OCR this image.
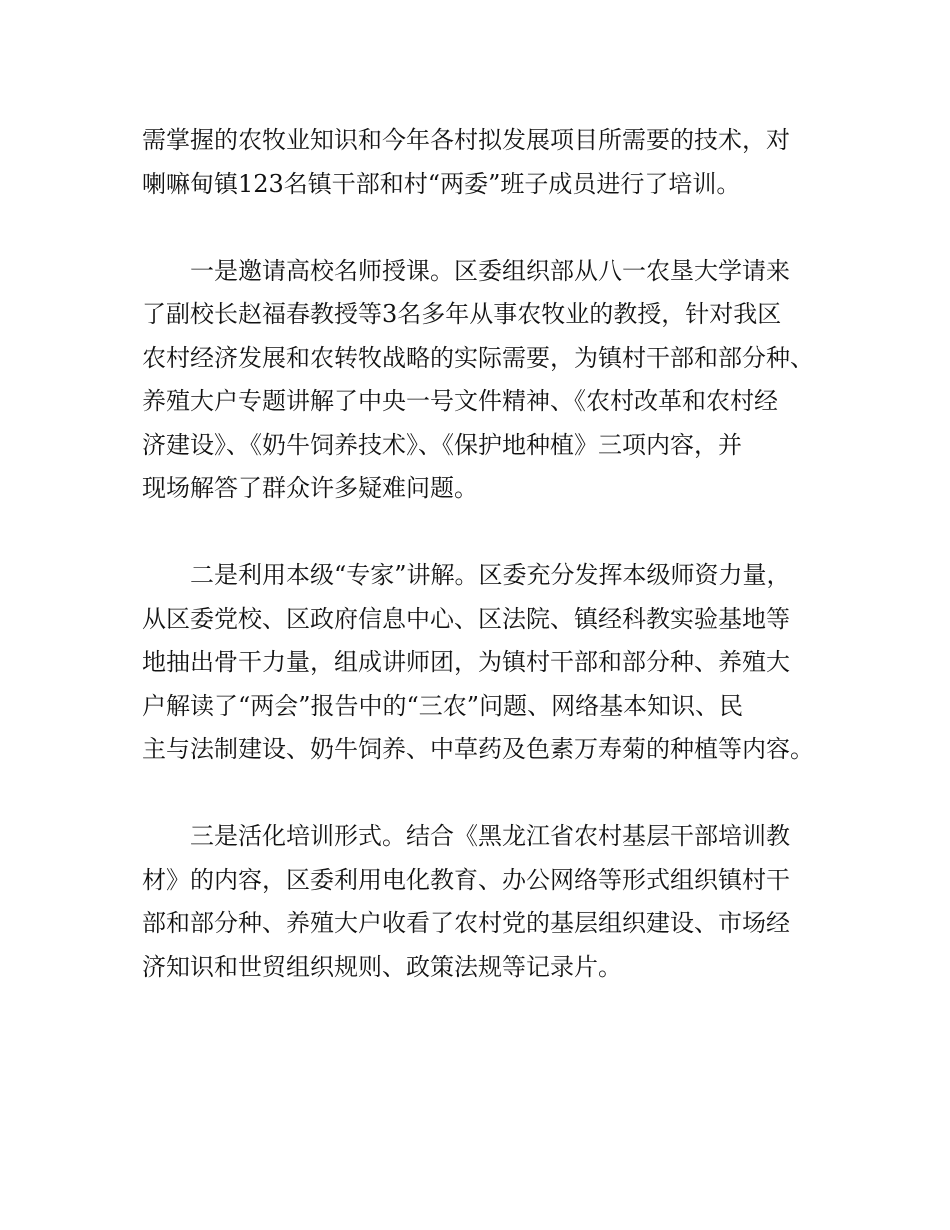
需掌握的农牧业知识和今年各村拟发展项目所需要的技术，对
喇嘛甸镇123名镇干部和村“两委”班子成员进行了培训。
一是邀请高校名师授课。区委组织部从八一农垦大学请来
了副校长赵福春教授等3名多年从事农牧业的教授，针对我区
农村经济发展和农转牧战略的实际需要，为镇村干部和部分种、
养殖大户专题讲解了中央一号文件精神、《农村改革和农村经
济建设》、《奶牛饲养技术》、《保护地种植》三项内容，并
现场解答了群众许多疑难问题。
二是利用本级“专家”讲解。区委充分发挥本级师资力量，
从区委党校、区政府信息中心、区法院、镇经科教实验基地等
地抽出骨干力量，组成讲师团，为镇村干部和部分种、养殖大
户解读了“两会”报告中的“三农”问题、网络基本知识、民
主与法制建设、奶牛饲养、中草药及色素万寿菊的种植等内容。
三是活化培训形式。结合《黑龙江省农村基层干部培训教
材》的内容，区委利用电化教育、办公网络等形式组织镇村干
部和部分种、养殖大户收看了农村党的基层组织建设、市场经
济知识和世贸组织规则、政策法规等记录片。
